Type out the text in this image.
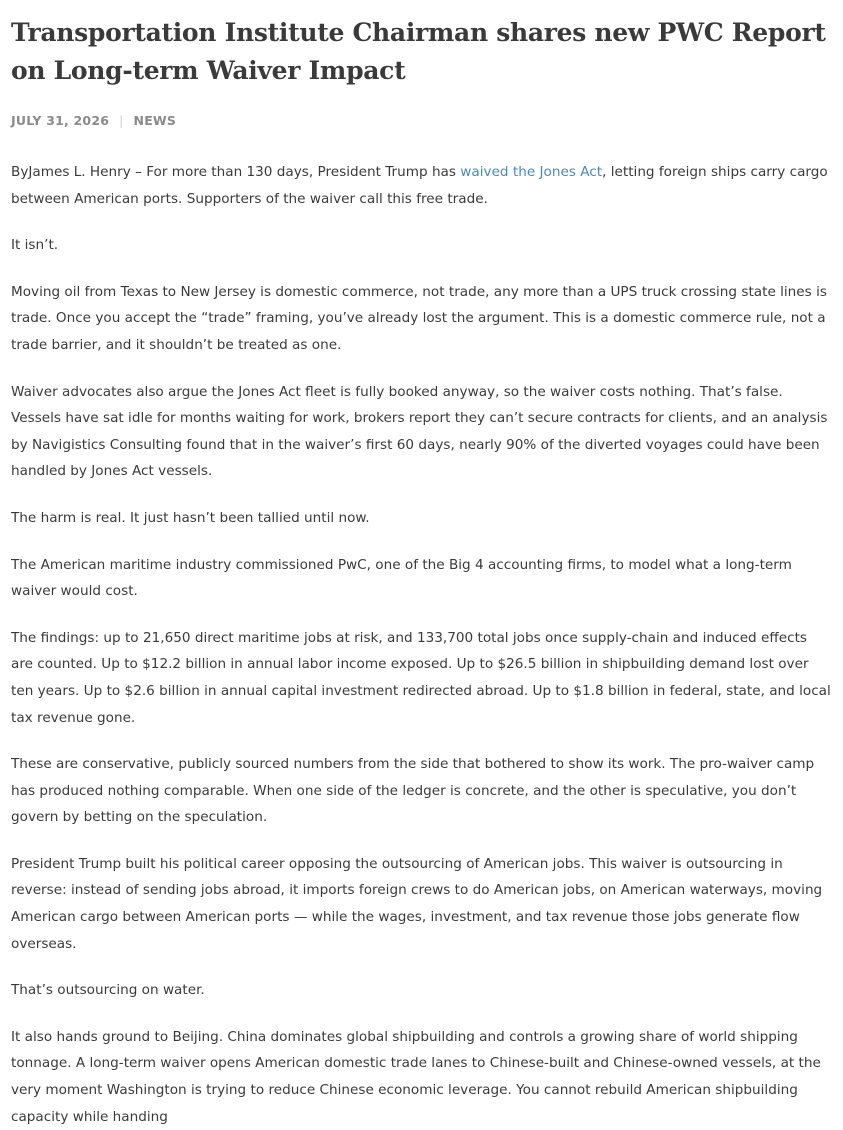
Transportation Institute Chairman shares new PWC Report on Long-term Waiver Impact
JULY 31, 2026 | NEWS

ByJames L. Henry – For more than 130 days, President Trump has waived the Jones Act, letting foreign ships carry cargo between American ports. Supporters of the waiver call this free trade.

It isn’t.

Moving oil from Texas to New Jersey is domestic commerce, not trade, any more than a UPS truck crossing state lines is trade. Once you accept the “trade” framing, you’ve already lost the argument. This is a domestic commerce rule, not a trade barrier, and it shouldn’t be treated as one.

Waiver advocates also argue the Jones Act fleet is fully booked anyway, so the waiver costs nothing. That’s false. Vessels have sat idle for months waiting for work, brokers report they can’t secure contracts for clients, and an analysis by Navigistics Consulting found that in the waiver’s first 60 days, nearly 90% of the diverted voyages could have been handled by Jones Act vessels.

The harm is real. It just hasn’t been tallied until now.

The American maritime industry commissioned PwC, one of the Big 4 accounting firms, to model what a long-term waiver would cost.

The findings: up to 21,650 direct maritime jobs at risk, and 133,700 total jobs once supply-chain and induced effects are counted. Up to $12.2 billion in annual labor income exposed. Up to $26.5 billion in shipbuilding demand lost over ten years. Up to $2.6 billion in annual capital investment redirected abroad. Up to $1.8 billion in federal, state, and local tax revenue gone.

These are conservative, publicly sourced numbers from the side that bothered to show its work. The pro-waiver camp has produced nothing comparable. When one side of the ledger is concrete, and the other is speculative, you don’t govern by betting on the speculation.

President Trump built his political career opposing the outsourcing of American jobs. This waiver is outsourcing in reverse: instead of sending jobs abroad, it imports foreign crews to do American jobs, on American waterways, moving American cargo between American ports — while the wages, investment, and tax revenue those jobs generate flow overseas.

That’s outsourcing on water.

It also hands ground to Beijing. China dominates global shipbuilding and controls a growing share of world shipping tonnage. A long-term waiver opens American domestic trade lanes to Chinese-built and Chinese-owned vessels, at the very moment Washington is trying to reduce Chinese economic leverage. You cannot rebuild American shipbuilding capacity while handing
